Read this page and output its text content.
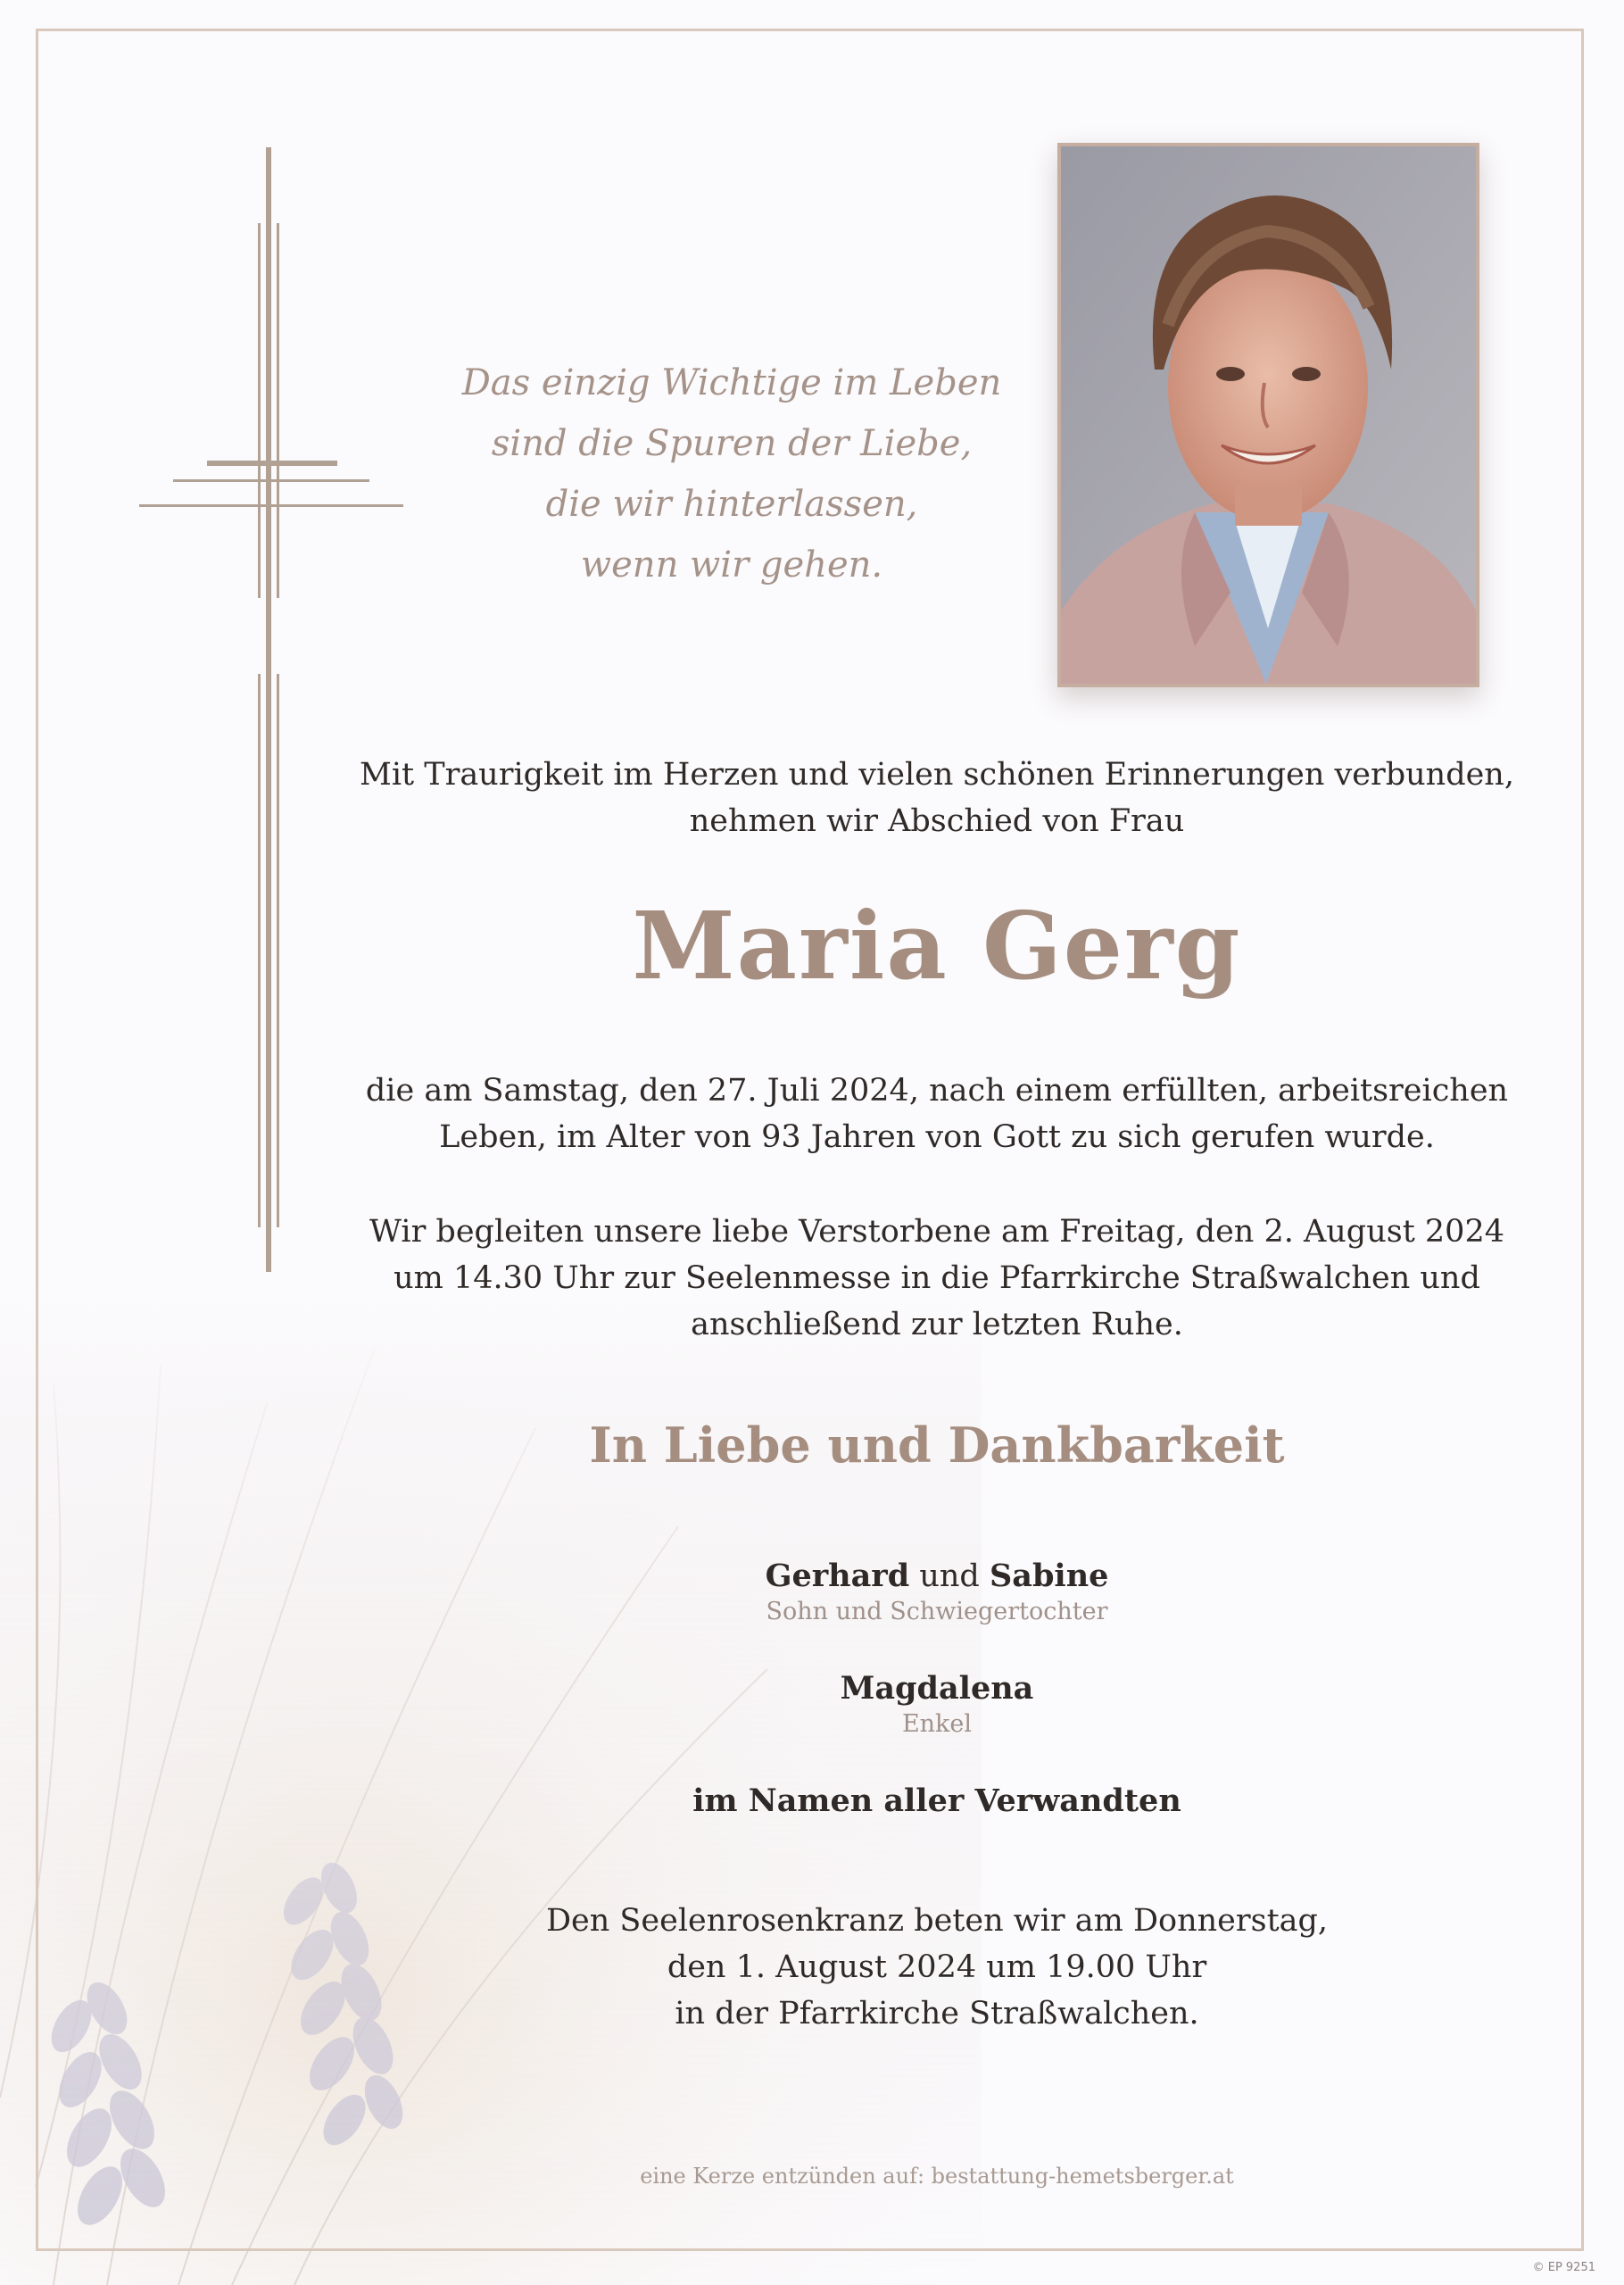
Das einzig Wichtige im Leben
sind die Spuren der Liebe,
die wir hinterlassen,
wenn wir gehen.
Mit Traurigkeit im Herzen und vielen schönen Erinnerungen verbunden,
nehmen wir Abschied von Frau
Maria Gerg
die am Samstag, den 27. Juli 2024, nach einem erfüllten, arbeitsreichen
Leben, im Alter von 93 Jahren von Gott zu sich gerufen wurde.
Wir begleiten unsere liebe Verstorbene am Freitag, den 2. August 2024
um 14.30 Uhr zur Seelenmesse in die Pfarrkirche Straßwalchen und
anschließend zur letzten Ruhe.
In Liebe und Dankbarkeit
Gerhard und Sabine
Sohn und Schwiegertochter
Magdalena
Enkel
im Namen aller Verwandten
Den Seelenrosenkranz beten wir am Donnerstag,
den 1. August 2024 um 19.00 Uhr
in der Pfarrkirche Straßwalchen.
eine Kerze entzünden auf: bestattung-hemetsberger.at
© EP 9251
